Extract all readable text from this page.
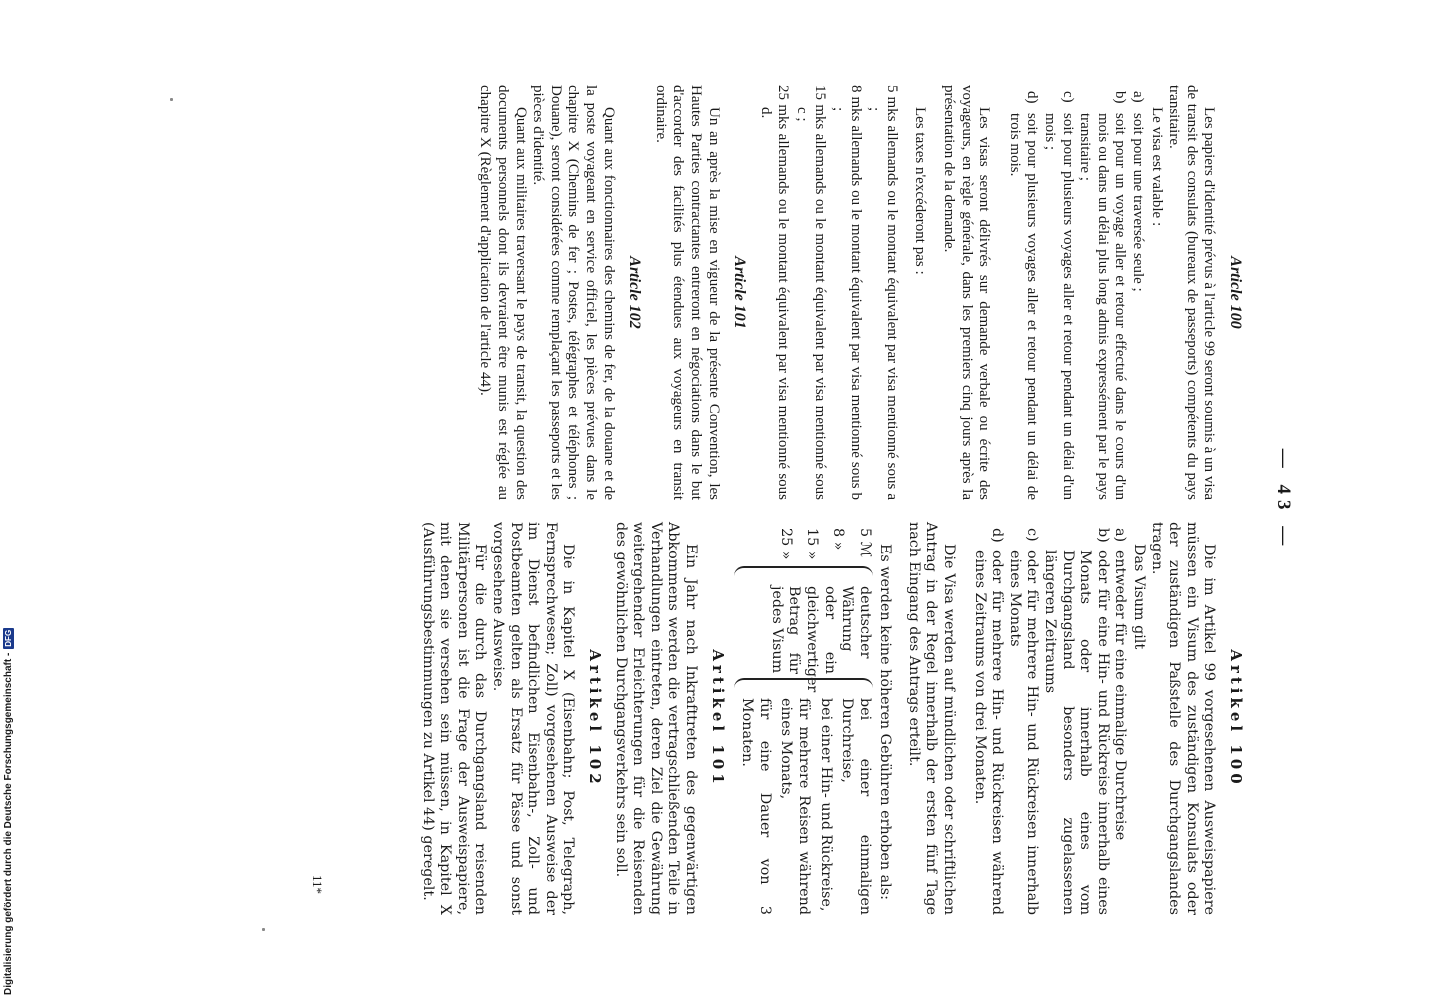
— 43 —
Article 100

Les papiers d'identité prévus à l'article 99 seront soumis à un visa de transit des consulats (bureaux de passeports) compétents du pays transitaire.

Le visa est valable :

a)
soit pour une traversée seule ;
b)
soit pour un voyage aller et retour effectué dans le cours d'un mois ou dans un délai plus long admis expressément par le pays transitaire ;
c)
soit pour plusieurs voyages aller et retour pendant un délai d'un mois ;
d)
soit pour plusieurs voyages aller et retour pendant un délai de trois mois.

Les visas seront délivrés sur demande verbale ou écrite des voyageurs, en règle générale, dans les premiers cinq jours après la présentation de la demande.

Les taxes n'excéderont pas :

5 mks allemands ou le montant équivalent par visa mentionné sous a ;
8 mks allemands ou le montant équivalent par visa mentionné sous b ;
15 mks allemands ou le montant équivalent par visa mentionné sous c ;
25 mks allemands ou le montant équivalent par visa mentionné sous d.
Article 101

Un an après la mise en vigueur de la présente Convention, les Hautes Parties contractantes entreront en négociations dans le but d'accorder des facilités plus étendues aux voyageurs en transit ordinaire.

Article 102

Quant aux fonctionnaires des chemins de fer, de la douane et de la poste voyageant en service officiel, les pièces prévues dans le chapitre X (Chemins de fer ; Postes, télégraphes et téléphones ; Douane), seront considérées comme remplaçant les passeports et les pièces d'identité.

Quant aux militaires traversant le pays de transit, la question des documents personnels dont ils devraient être munis est réglée au chapitre X (Règlement d'application de l'article 44).

Artikel 100

Die im Artikel 99 vorgesehenen Ausweispapiere müssen ein Visum des zuständigen Konsulats oder der zuständigen Paßstelle des Durchgangslandes tragen.

Das Visum gilt

a)
entweder für eine einmalige Durchreise
b)
oder für eine Hin- und Rückreise innerhalb eines Monats oder innerhalb eines vom Durchgangsland besonders zugelassenen längeren Zeitraums
c)
oder für mehrere Hin- und Rückreisen innerhalb eines Monats
d)
oder für mehrere Hin- und Rückreisen während eines Zeitraums von drei Monaten.

Die Visa werden auf mündlichen oder schriftlichen Antrag in der Regel innerhalb der ersten fünf Tage nach Eingang des Antrags erteilt.

Es werden keine höheren Gebühren erhoben als:

5 ℳ
8 »
15 »
25 »
deutscher Währung oder ein gleichwertiger Betrag für jedes Visum
bei einer einmaligen Durchreise,
bei einer Hin- und Rückreise,
für mehrere Reisen während eines Monats,
für eine Dauer von 3 Monaten.
Artikel 101

Ein Jahr nach Inkrafttreten des gegenwärtigen Abkommens werden die vertragschließenden Teile in Verhandlungen eintreten, deren Ziel die Gewährung weitergehender Erleichterungen für die Reisenden des gewöhnlichen Durchgangsverkehrs sein soll.

Artikel 102

Die in Kapitel X (Eisenbahn; Post, Telegraph, Fernsprechwesen; Zoll) vorgesehenen Ausweise der im Dienst befindlichen Eisenbahn-, Zoll- und Postbeamten gelten als Ersatz für Pässe und sonst vorgesehene Ausweise.

Für die durch das Durchgangsland reisenden Militärpersonen ist die Frage der Ausweispapiere, mit denen sie versehen sein müssen, in Kapitel X (Ausführungsbestimmungen zu Artikel 44) geregelt.

11*
Digitalisierung gefördert durch die Deutsche Forschungsgemeinschaft -
DFG
